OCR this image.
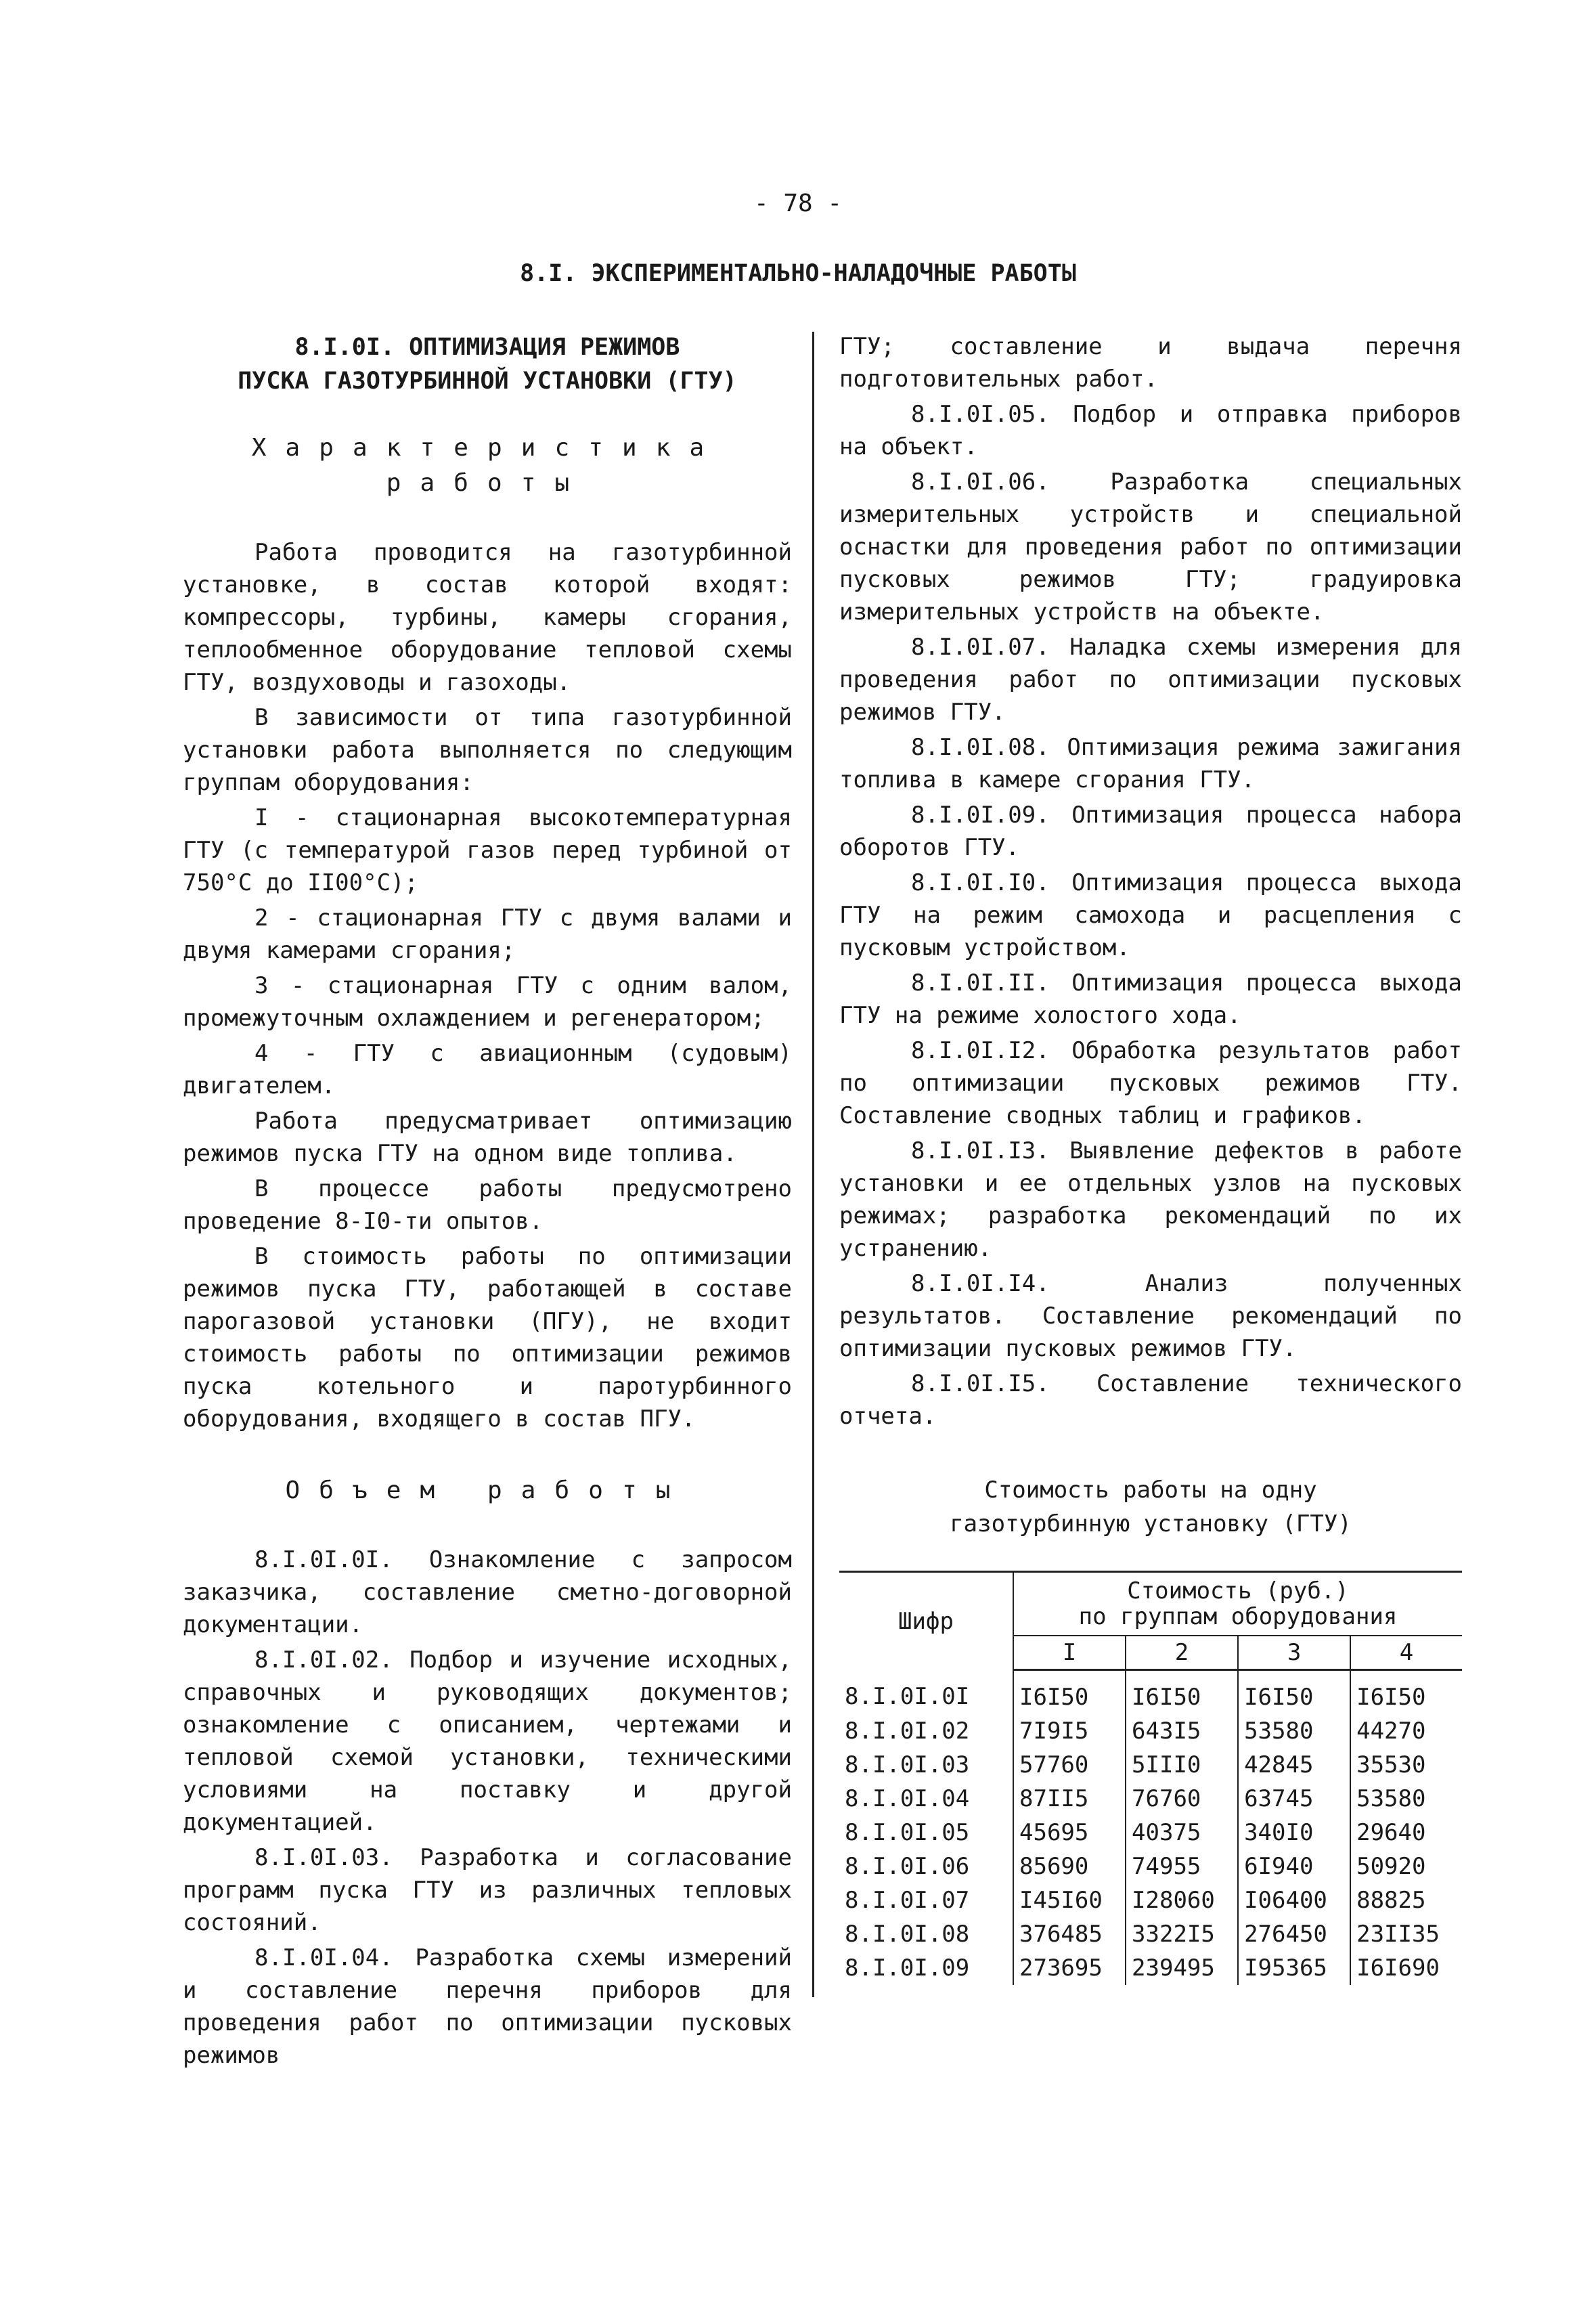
- 78 -
8.I. ЭКСПЕРИМЕНТАЛЬНО-НАЛАДОЧНЫЕ РАБОТЫ
8.I.0I. ОПТИМИЗАЦИЯ РЕЖИМОВ
ПУСКА ГАЗОТУРБИННОЙ УСТАНОВКИ (ГТУ)
Характеристика
работы

Работа проводится на газотурбинной установке, в состав которой входят: компрессоры, турбины, камеры сгорания, теплообменное оборудование тепловой схемы ГТУ, воздуховоды и газоходы.

В зависимости от типа газотурбинной установки работа выполняется по следующим группам оборудования:

I - стационарная высокотемпературная ГТУ (с температурой газов перед турбиной от 750°С до II00°С);

2 - стационарная ГТУ с двумя валами и двумя камерами сгорания;

3 - стационарная ГТУ с одним валом, промежуточным охлаждением и регенератором;

4 - ГТУ с авиационным (судовым) двигателем.

Работа предусматривает оптимизацию режимов пуска ГТУ на одном виде топлива.

В процессе работы предусмотрено проведение 8-I0-ти опытов.

В стоимость работы по оптимизации режимов пуска ГТУ, работающей в составе парогазовой установки (ПГУ), не входит стоимость работы по оптимизации режимов пуска котельного и паротурбинного оборудования, входящего в состав ПГУ.

Объем работы

8.I.0I.0I. Ознакомление с запросом заказчика, составление сметно-договорной документации.

8.I.0I.02. Подбор и изучение исходных, справочных и руководящих документов; ознакомление с описанием, чертежами и тепловой схемой установки, техническими условиями на поставку и другой документацией.

8.I.0I.03. Разработка и согласование программ пуска ГТУ из различных тепловых состояний.

8.I.0I.04. Разработка схемы измерений и составление перечня приборов для проведения работ по оптимизации пусковых режимов

ГТУ; составление и выдача перечня подготовительных работ.

8.I.0I.05. Подбор и отправка приборов на объект.

8.I.0I.06. Разработка специальных измерительных устройств и специальной оснастки для проведения работ по оптимизации пусковых режимов ГТУ; градуировка измерительных устройств на объекте.

8.I.0I.07. Наладка схемы измерения для проведения работ по оптимизации пусковых режимов ГТУ.

8.I.0I.08. Оптимизация режима зажигания топлива в камере сгорания ГТУ.

8.I.0I.09. Оптимизация процесса набора оборотов ГТУ.

8.I.0I.I0. Оптимизация процесса выхода ГТУ на режим самохода и расцепления с пусковым устройством.

8.I.0I.II. Оптимизация процесса выхода ГТУ на режиме холостого хода.

8.I.0I.I2. Обработка результатов работ по оптимизации пусковых режимов ГТУ. Составление сводных таблиц и графиков.

8.I.0I.I3. Выявление дефектов в работе установки и ее отдельных узлов на пусковых режимах; разработка рекомендаций по их устранению.

8.I.0I.I4. Анализ полученных результатов. Составление рекомендаций по оптимизации пусковых режимов ГТУ.

8.I.0I.I5. Составление технического отчета.

Стоимость работы на одну
газотурбинную установку (ГТУ)
Шифр	Стоимость (руб.)
по группам оборудования			

	I	2	3	4
8.I.0I.0I	I6I50	I6I50	I6I50	I6I50
8.I.0I.02	7I9I5	643I5	53580	44270
8.I.0I.03	57760	5III0	42845	35530
8.I.0I.04	87II5	76760	63745	53580
8.I.0I.05	45695	40375	340I0	29640
8.I.0I.06	85690	74955	6I940	50920
8.I.0I.07	I45I60	I28060	I06400	88825
8.I.0I.08	376485	3322I5	276450	23II35
8.I.0I.09	273695	239495	I95365	I6I690
